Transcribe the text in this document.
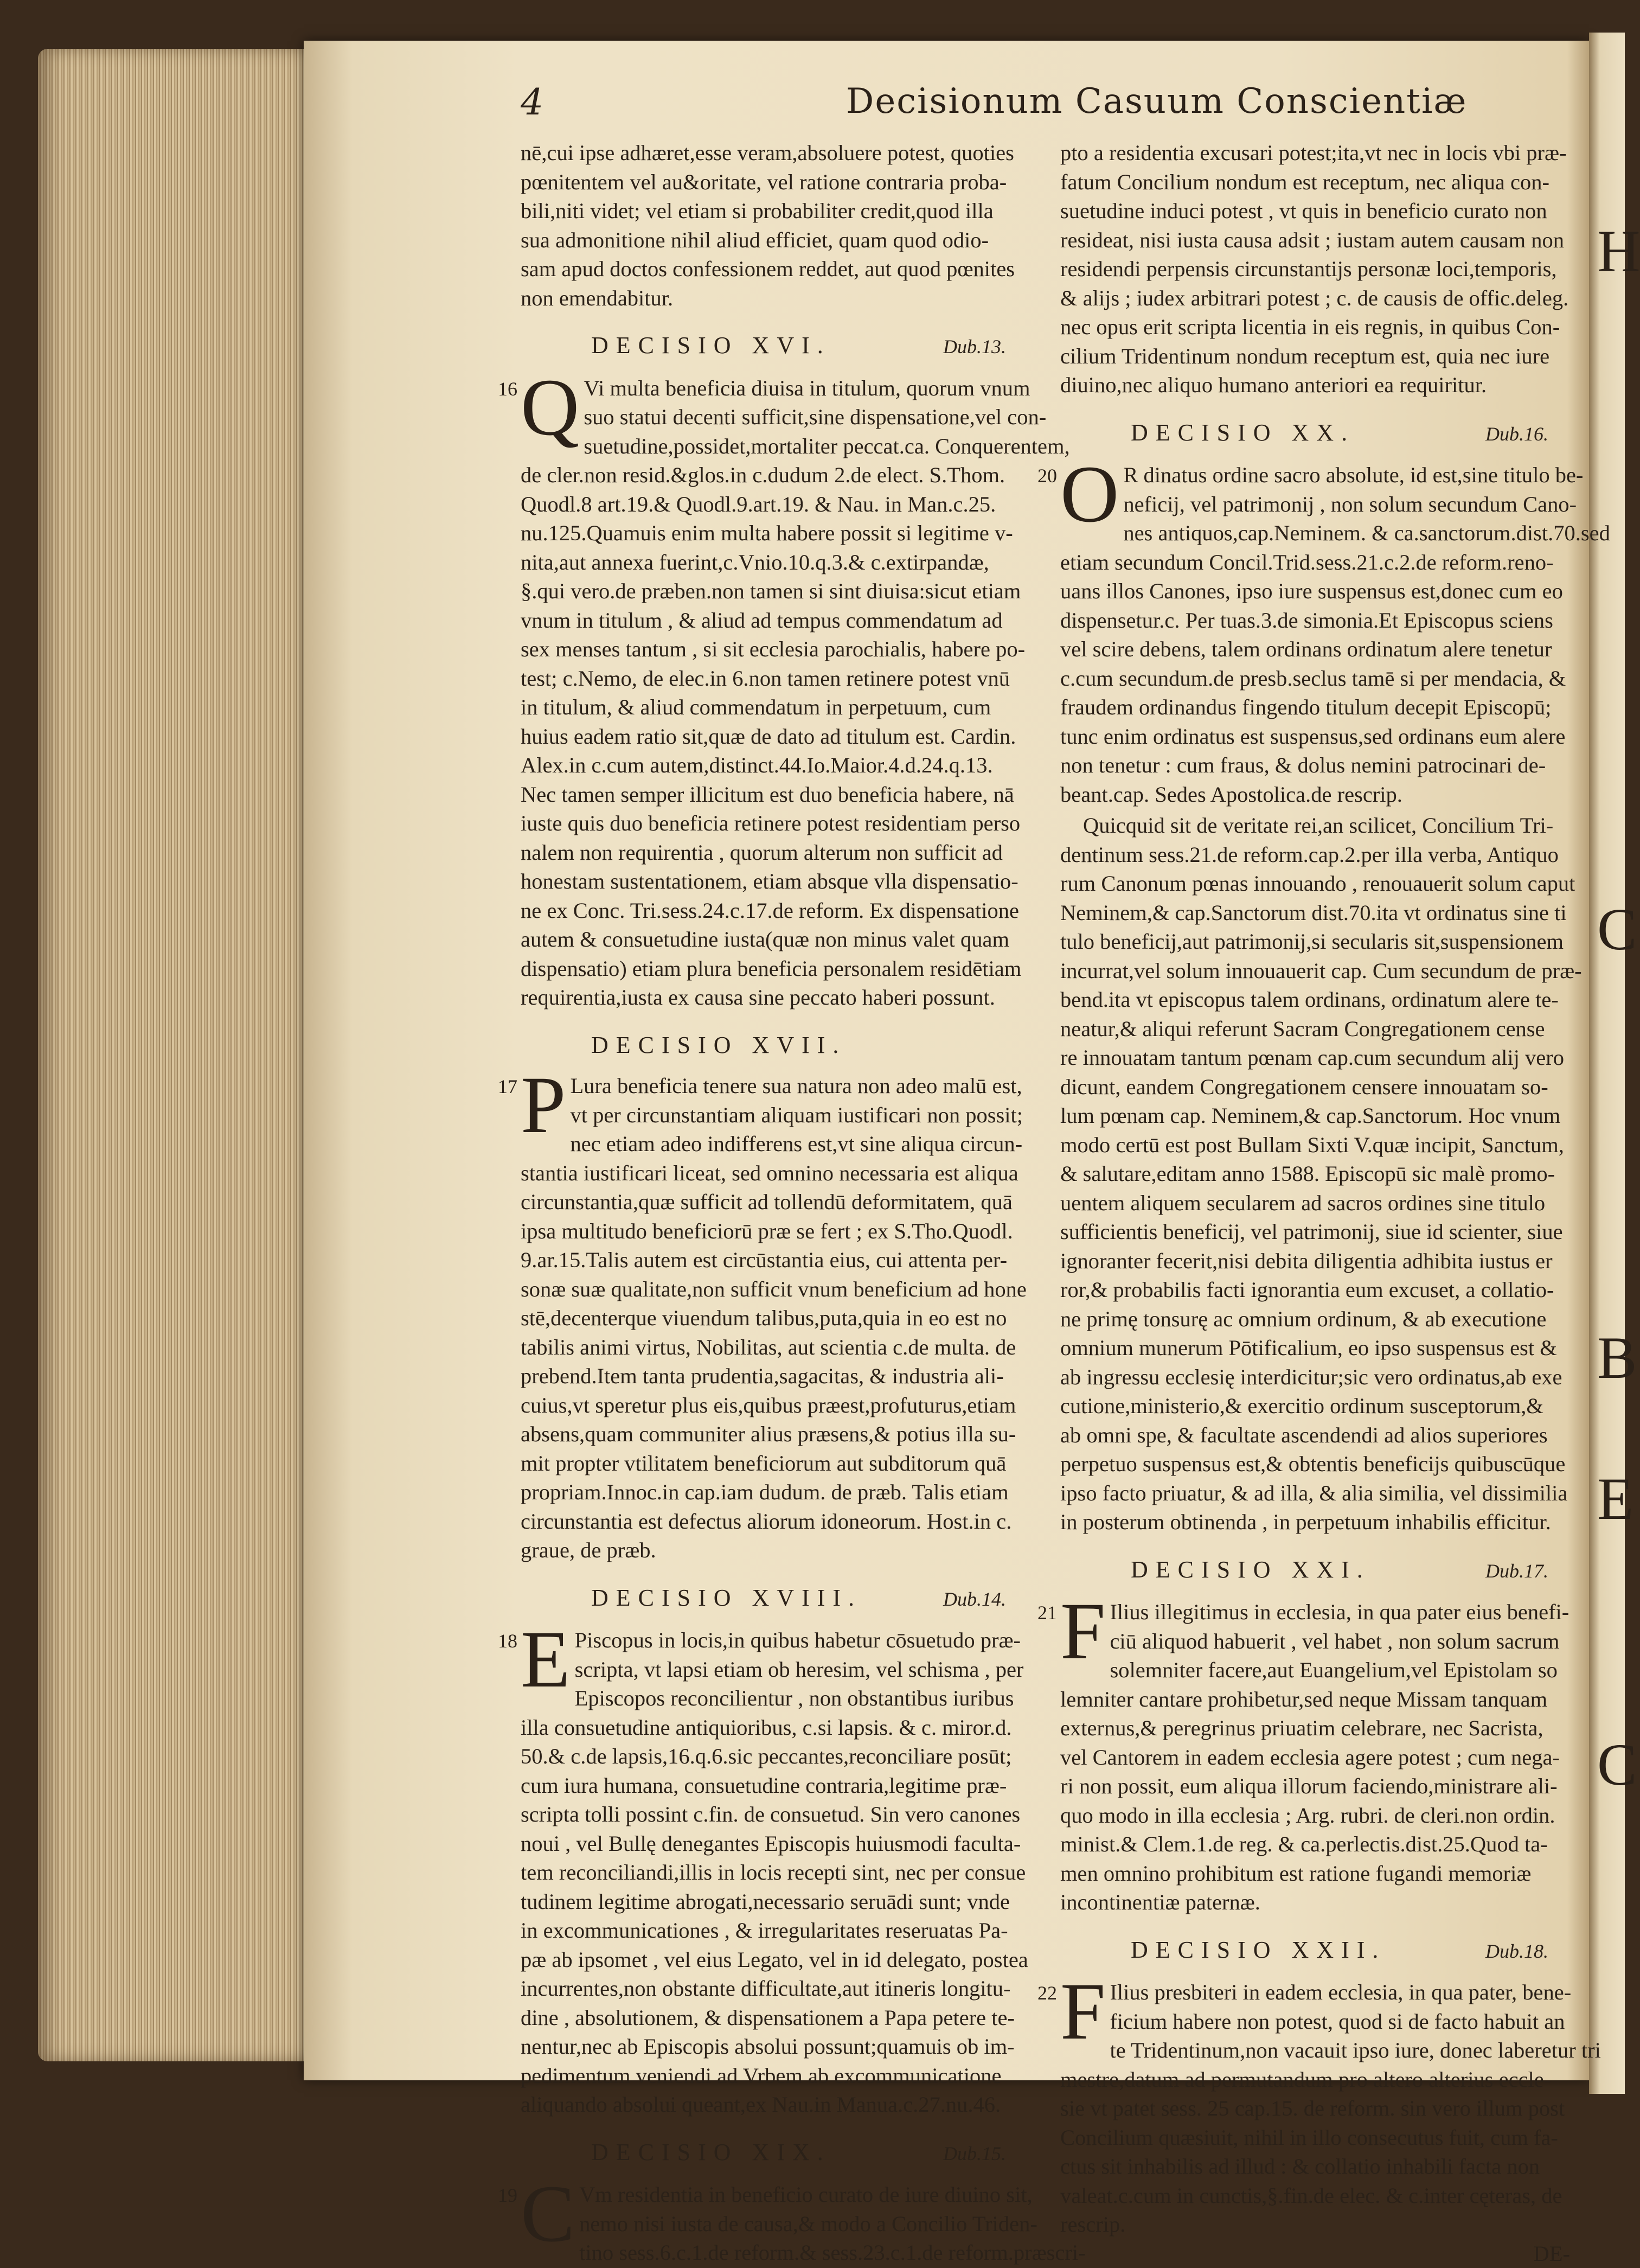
4	Decisionum Casuum Conscientiæ
nē,cui ipse adhæret,esse veram,absoluere potest, quoties
pœnitentem vel au&oritate, vel ratione contraria proba-
bili,niti videt; vel etiam si probabiliter credit,quod illa
sua admonitione nihil aliud efficiet, quam quod odio-
sam apud doctos confessionem reddet, aut quod pœnites
non emendabitur.
DECISIO XVI.	Dub.13.
16 Q Vi multa beneficia diuisa in titulum, quorum vnum
suo statui decenti sufficit,sine dispensatione,vel con-
suetudine,possidet,mortaliter peccat.ca. Conquerentem,
de cler.non resid.&glos.in c.dudum 2.de elect. S.Thom.
Quodl.8 art.19.& Quodl.9.art.19. & Nau. in Man.c.25.
nu.125.Quamuis enim multa habere possit si legitime v-
nita,aut annexa fuerint,c.Vnio.10.q.3.& c.extirpandæ,
§.qui vero.de præben.non tamen si sint diuisa:sicut etiam
vnum in titulum , & aliud ad tempus commendatum ad
sex menses tantum , si sit ecclesia parochialis, habere po-
test; c.Nemo, de elec.in 6.non tamen retinere potest vnū
in titulum, & aliud commendatum in perpetuum, cum
huius eadem ratio sit,quæ de dato ad titulum est. Cardin.
Alex.in c.cum autem,distinct.44.Io.Maior.4.d.24.q.13.
Nec tamen semper illicitum est duo beneficia habere, nā
iuste quis duo beneficia retinere potest residentiam perso
nalem non requirentia , quorum alterum non sufficit ad
honestam sustentationem, etiam absque vlla dispensatio-
ne ex Conc. Tri.sess.24.c.17.de reform. Ex dispensatione
autem & consuetudine iusta(quæ non minus valet quam
dispensatio) etiam plura beneficia personalem residētiam
requirentia,iusta ex causa sine peccato haberi possunt.
DECISIO XVII.
17 P Lura beneficia tenere sua natura non adeo malū est,
vt per circunstantiam aliquam iustificari non possit;
nec etiam adeo indifferens est,vt sine aliqua circun-
stantia iustificari liceat, sed omnino necessaria est aliqua
circunstantia,quæ sufficit ad tollendū deformitatem, quā
ipsa multitudo beneficiorū præ se fert ; ex S.Tho.Quodl.
9.ar.15.Talis autem est circūstantia eius, cui attenta per-
sonæ suæ qualitate,non sufficit vnum beneficium ad hone
stē,decenterque viuendum talibus,puta,quia in eo est no
tabilis animi virtus, Nobilitas, aut scientia c.de multa. de
prebend.Item tanta prudentia,sagacitas, & industria ali-
cuius,vt speretur plus eis,quibus præest,profuturus,etiam
absens,quam communiter alius præsens,& potius illa su-
mit propter vtilitatem beneficiorum aut subditorum quā
propriam.Innoc.in cap.iam dudum. de præb. Talis etiam
circunstantia est defectus aliorum idoneorum. Host.in c.
graue, de præb.
DECISIO XVIII.	Dub.14.
18 E Piscopus in locis,in quibus habetur cōsuetudo præ-
scripta, vt lapsi etiam ob heresim, vel schisma , per
Episcopos reconcilientur , non obstantibus iuribus
illa consuetudine antiquioribus, c.si lapsis. & c. miror.d.
50.& c.de lapsis,16.q.6.sic peccantes,reconciliare posūt;
cum iura humana, consuetudine contraria,legitime præ-
scripta tolli possint c.fin. de consuetud. Sin vero canones
noui , vel Bullę denegantes Episcopis huiusmodi faculta-
tem reconciliandi,illis in locis recepti sint, nec per consue
tudinem legitime abrogati,necessario seruādi sunt; vnde
in excommunicationes , & irregularitates reseruatas Pa-
pæ ab ipsomet , vel eius Legato, vel in id delegato, postea
incurrentes,non obstante difficultate,aut itineris longitu-
dine , absolutionem, & dispensationem a Papa petere te-
nentur,nec ab Episcopis absolui possunt;quamuis ob im-
pedimentum veniendi ad Vrbem ab excommunicatione
aliquando absolui queant,ex Nau.in Manua.c.27.nu.46.
DECISIO XIX.	Dub.15.
19 C Vm residentia in beneficio curato de iure diuino sit,
nemo nisi iusta de causa,& modo a Concilio Triden-
tino sess.6.c.1.de reform.& sess.23.c.1.de reform.præscri-
pto a residentia excusari potest;ita,vt nec in locis vbi præ-
fatum Concilium nondum est receptum, nec aliqua con-
suetudine induci potest , vt quis in beneficio curato non
resideat, nisi iusta causa adsit ; iustam autem causam non
residendi perpensis circunstantijs personæ loci,temporis,
& alijs ; iudex arbitrari potest ; c. de causis de offic.deleg.
nec opus erit scripta licentia in eis regnis, in quibus Con-
cilium Tridentinum nondum receptum est, quia nec iure
diuino,nec aliquo humano anteriori ea requiritur.
DECISIO XX.	Dub.16.
20 O R dinatus ordine sacro absolute, id est,sine titulo be-
neficij, vel patrimonij , non solum secundum Cano-
nes antiquos,cap.Neminem. & ca.sanctorum.dist.70.sed
etiam secundum Concil.Trid.sess.21.c.2.de reform.reno-
uans illos Canones, ipso iure suspensus est,donec cum eo
dispensetur.c. Per tuas.3.de simonia.Et Episcopus sciens
vel scire debens, talem ordinans ordinatum alere tenetur
c.cum secundum.de presb.seclus tamē si per mendacia, &
fraudem ordinandus fingendo titulum decepit Episcopū;
tunc enim ordinatus est suspensus,sed ordinans eum alere
non tenetur : cum fraus, & dolus nemini patrocinari de-
beant.cap. Sedes Apostolica.de rescrip.
Quicquid sit de veritate rei,an scilicet, Concilium Tri-
dentinum sess.21.de reform.cap.2.per illa verba, Antiquo
rum Canonum pœnas innouando , renouauerit solum caput
Neminem,& cap.Sanctorum dist.70.ita vt ordinatus sine ti
tulo beneficij,aut patrimonij,si secularis sit,suspensionem
incurrat,vel solum innouauerit cap. Cum secundum de præ-
bend.ita vt episcopus talem ordinans, ordinatum alere te-
neatur,& aliqui referunt Sacram Congregationem cense
re innouatam tantum pœnam cap.cum secundum alij vero
dicunt, eandem Congregationem censere innouatam so-
lum pœnam cap. Neminem,& cap.Sanctorum. Hoc vnum
modo certū est post Bullam Sixti V.quæ incipit, Sanctum,
& salutare,editam anno 1588. Episcopū sic malè promo-
uentem aliquem secularem ad sacros ordines sine titulo
sufficientis beneficij, vel patrimonij, siue id scienter, siue
ignoranter fecerit,nisi debita diligentia adhibita iustus er
ror,& probabilis facti ignorantia eum excuset, a collatio-
ne primę tonsurę ac omnium ordinum, & ab executione
omnium munerum Pōtificalium, eo ipso suspensus est &
ab ingressu ecclesię interdicitur;sic vero ordinatus,ab exe
cutione,ministerio,& exercitio ordinum susceptorum,&
ab omni spe, & facultate ascendendi ad alios superiores
perpetuo suspensus est,& obtentis beneficijs quibuscūque
ipso facto priuatur, & ad illa, & alia similia, vel dissimilia
in posterum obtinenda , in perpetuum inhabilis efficitur.
DECISIO XXI.	Dub.17.
21 F Ilius illegitimus in ecclesia, in qua pater eius benefi-
ciū aliquod habuerit , vel habet , non solum sacrum
solemniter facere,aut Euangelium,vel Epistolam so
lemniter cantare prohibetur,sed neque Missam tanquam
externus,& peregrinus priuatim celebrare, nec Sacrista,
vel Cantorem in eadem ecclesia agere potest ; cum nega-
ri non possit, eum aliqua illorum faciendo,ministrare ali-
quo modo in illa ecclesia ; Arg. rubri. de cleri.non ordin.
minist.& Clem.1.de reg. & ca.perlectis.dist.25.Quod ta-
men omnino prohibitum est ratione fugandi memoriæ
incontinentiæ paternæ.
DECISIO XXII.	Dub.18.
22 F Ilius presbiteri in eadem ecclesia, in qua pater, bene-
ficium habere non potest, quod si de facto habuit an
te Tridentinum,non vacauit ipso iure, donec laberetur tri
mestre,datum ad permutandum pro altero alterius eccle-
sie vt patet sess. 25 cap.15. de reform. sin vero illum post
Concilium quæsiuit, nihil in illo consecutus fuit, cum fa-
ctus sit inhabilis ad illud : & collatio inhabili facta non
valeat.c.cum in cunctis,§.fin.de elec. & c.inter cęteras, de
rescrip.
DE-
H
C
B
E
C
